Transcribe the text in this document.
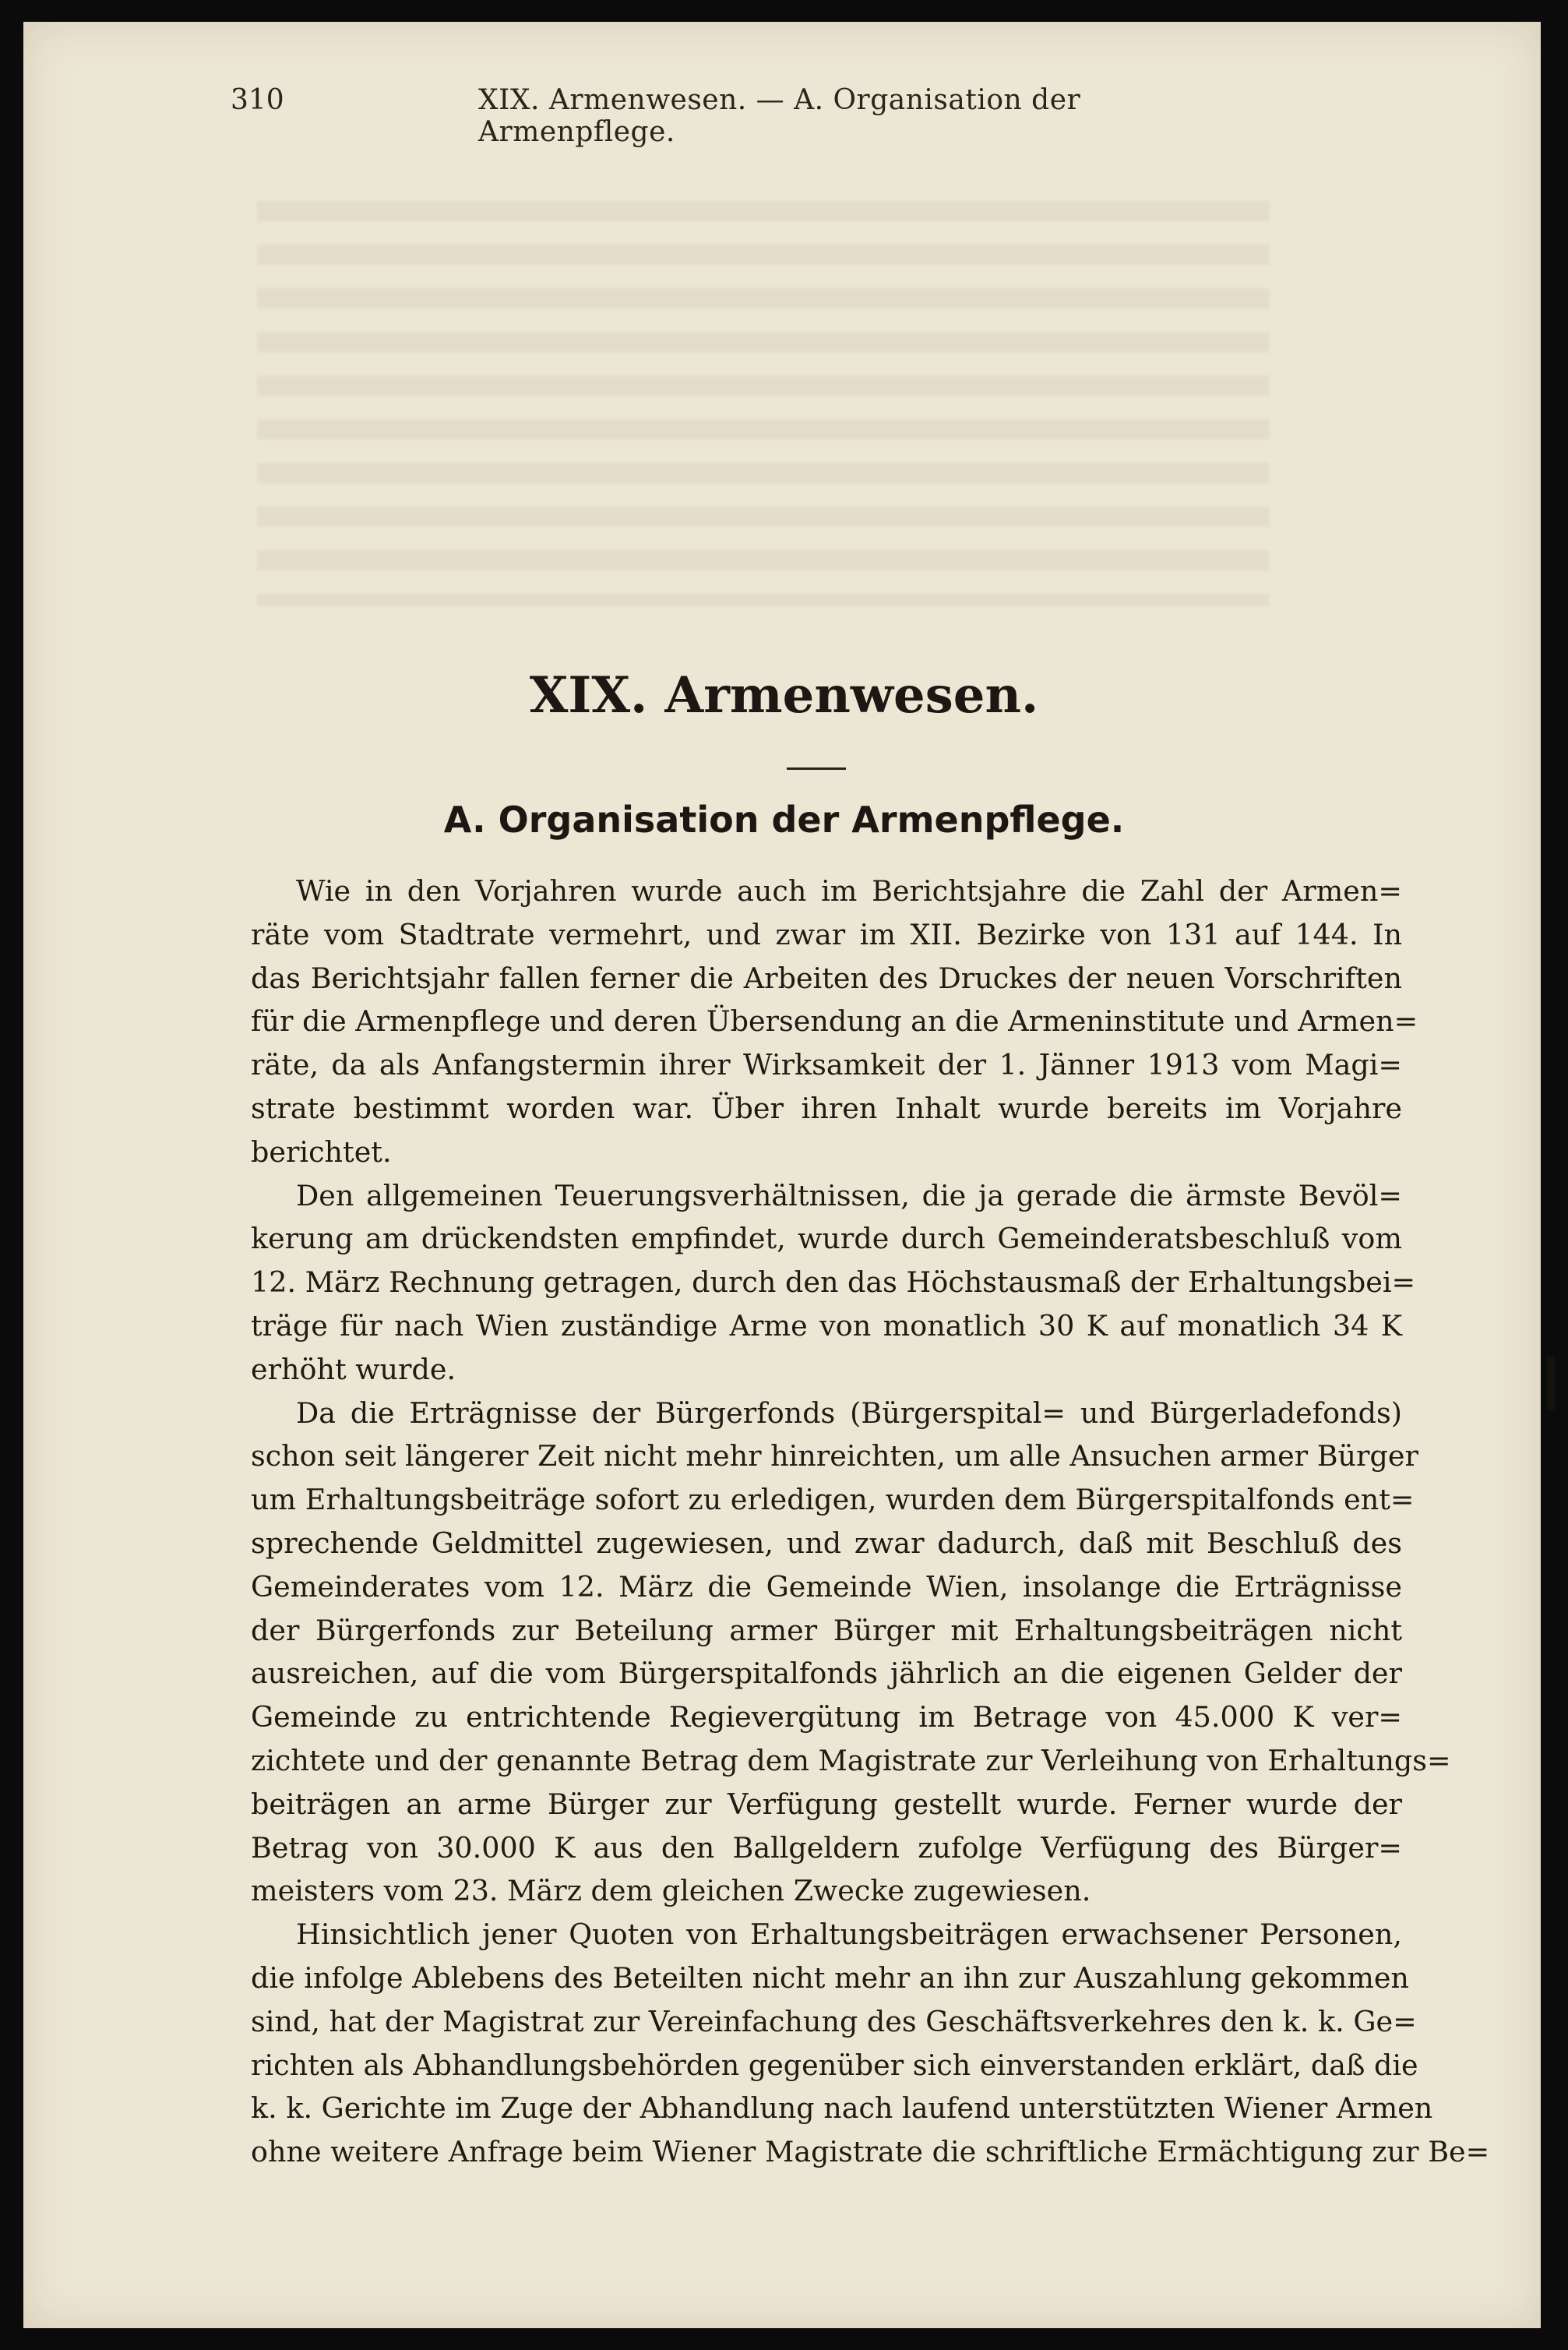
310	XIX. Armenwesen. — A. Organisation der Armenpflege.
XIX. Armenwesen.
A. Organisation der Armenpflege.
Wie in den Vorjahren wurde auch im Berichtsjahre die Zahl der Armen=
räte vom Stadtrate vermehrt, und zwar im XII. Bezirke von 131 auf 144. In
das Berichtsjahr fallen ferner die Arbeiten des Druckes der neuen Vorschriften
für die Armenpflege und deren Übersendung an die Armeninstitute und Armen=
räte, da als Anfangstermin ihrer Wirksamkeit der 1. Jänner 1913 vom Magi=
strate bestimmt worden war. Über ihren Inhalt wurde bereits im Vorjahre
berichtet.
Den allgemeinen Teuerungsverhältnissen, die ja gerade die ärmste Bevöl=
kerung am drückendsten empfindet, wurde durch Gemeinderatsbeschluß vom
12. März Rechnung getragen, durch den das Höchstausmaß der Erhaltungsbei=
träge für nach Wien zuständige Arme von monatlich 30 K auf monatlich 34 K
erhöht wurde.
Da die Erträgnisse der Bürgerfonds (Bürgerspital= und Bürgerladefonds)
schon seit längerer Zeit nicht mehr hinreichten, um alle Ansuchen armer Bürger
um Erhaltungsbeiträge sofort zu erledigen, wurden dem Bürgerspitalfonds ent=
sprechende Geldmittel zugewiesen, und zwar dadurch, daß mit Beschluß des
Gemeinderates vom 12. März die Gemeinde Wien, insolange die Erträgnisse
der Bürgerfonds zur Beteilung armer Bürger mit Erhaltungsbeiträgen nicht
ausreichen, auf die vom Bürgerspitalfonds jährlich an die eigenen Gelder der
Gemeinde zu entrichtende Regievergütung im Betrage von 45.000 K ver=
zichtete und der genannte Betrag dem Magistrate zur Verleihung von Erhaltungs=
beiträgen an arme Bürger zur Verfügung gestellt wurde. Ferner wurde der
Betrag von 30.000 K aus den Ballgeldern zufolge Verfügung des Bürger=
meisters vom 23. März dem gleichen Zwecke zugewiesen.
Hinsichtlich jener Quoten von Erhaltungsbeiträgen erwachsener Personen,
die infolge Ablebens des Beteilten nicht mehr an ihn zur Auszahlung gekommen
sind, hat der Magistrat zur Vereinfachung des Geschäftsverkehres den k. k. Ge=
richten als Abhandlungsbehörden gegenüber sich einverstanden erklärt, daß die
k. k. Gerichte im Zuge der Abhandlung nach laufend unterstützten Wiener Armen
ohne weitere Anfrage beim Wiener Magistrate die schriftliche Ermächtigung zur Be=
